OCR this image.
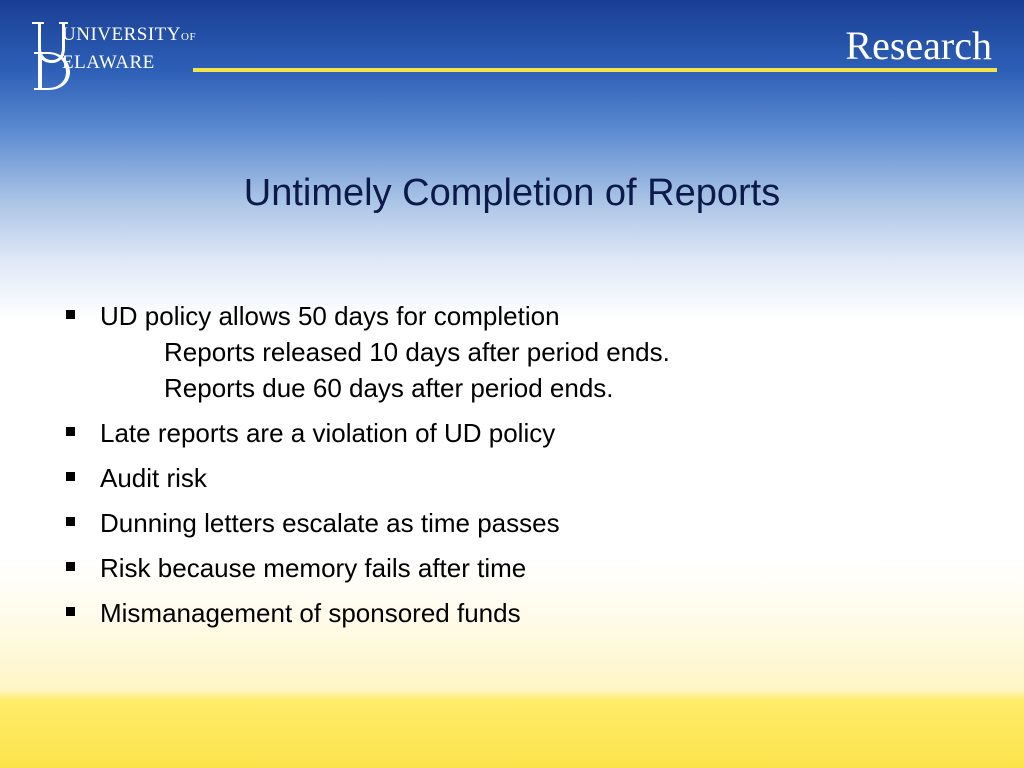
UNIVERSITYOF
ELAWARE	Research
Untimely Completion of Reports
UD policy allows 50 days for completion
Reports released 10 days after period ends.
Reports due 60 days after period ends.
Late reports are a violation of UD policy
Audit risk
Dunning letters escalate as time passes
Risk because memory fails after time
Mismanagement of sponsored funds
